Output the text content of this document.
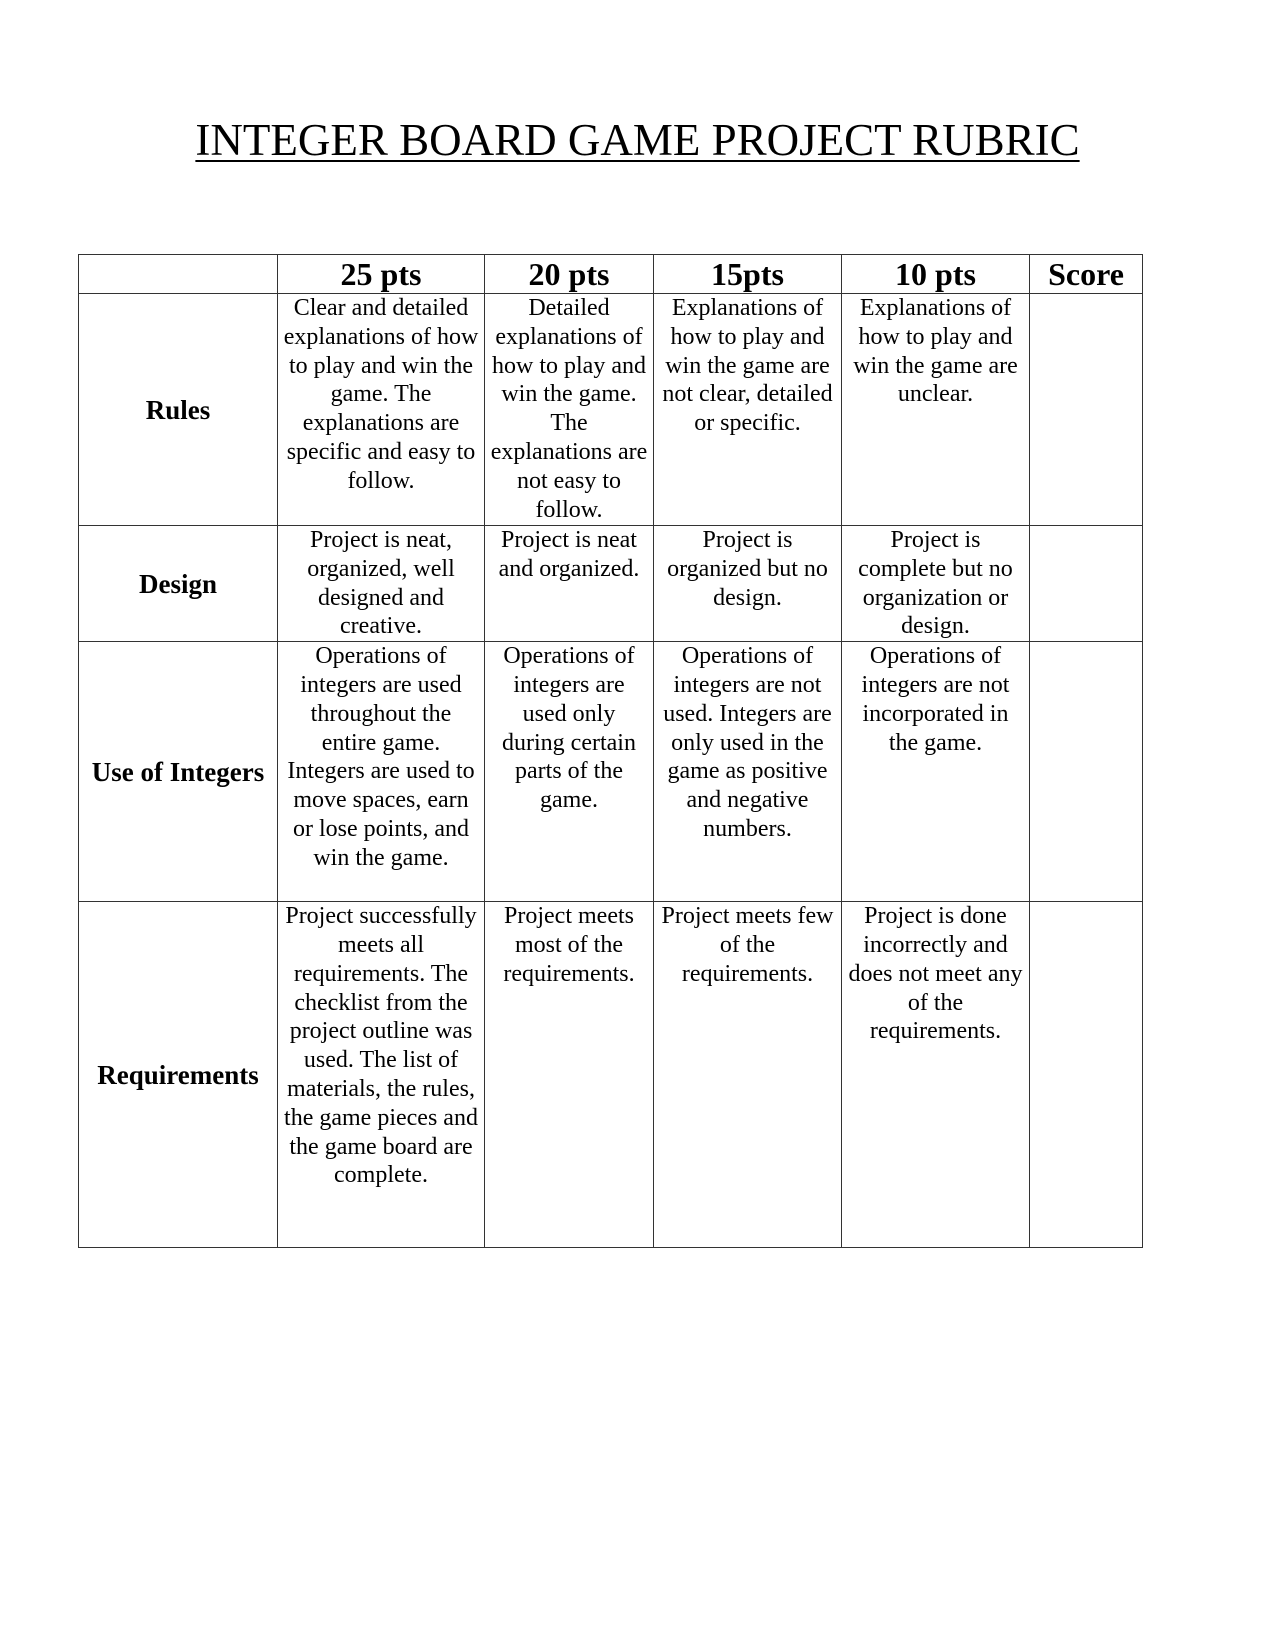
INTEGER BOARD GAME PROJECT RUBRIC
	25 pts	20 pts	15pts	10 pts	Score
Rules	Clear and detailed explanations of how to play and win the game. The explanations are specific and easy to follow.	Detailed explanations of how to play and win the game. The explanations are not easy to follow.	Explanations of how to play and win the game are not clear, detailed or specific.	Explanations of how to play and win the game are unclear.	
Design	Project is neat, organized, well designed and creative.	Project is neat and organized.	Project is organized but no design.	Project is complete but no organization or design.	
Use of Integers	Operations of integers are used throughout the entire game. Integers are used to move spaces, earn or lose points, and win the game.	Operations of integers are used only during certain parts of the game.	Operations of integers are not used. Integers are only used in the game as positive and negative numbers.	Operations of integers are not incorporated in the game.	
Requirements	Project successfully meets all requirements. The checklist from the project outline was used. The list of materials, the rules, the game pieces and the game board are complete.	Project meets most of the requirements.	Project meets few of the requirements.	Project is done incorrectly and does not meet any of the requirements.	
